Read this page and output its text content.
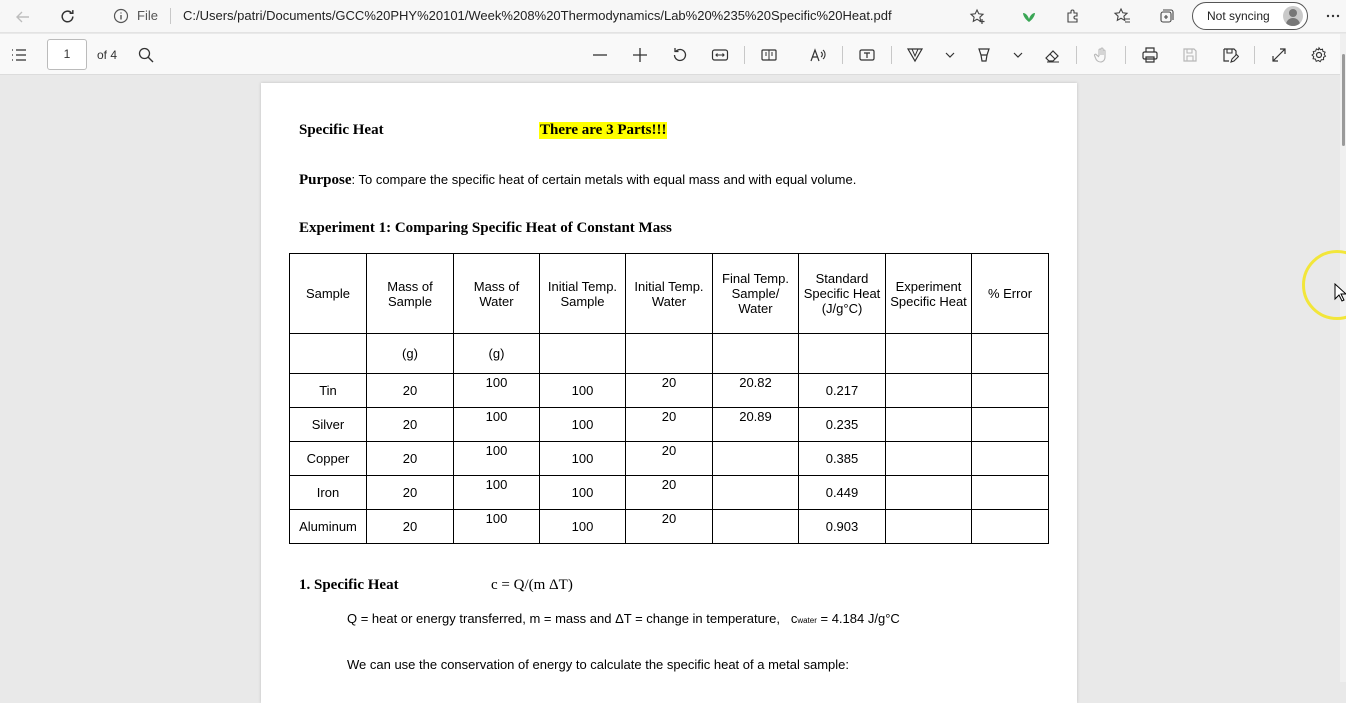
File C:/Users/patri/Documents/GCC%20PHY%20101/Week%208%20Thermodynamics/Lab%20%235%20Specific%20Heat.pdf	Not syncing
1	of 4
Specific Heat	There are 3 Parts!!!
Purpose: To compare the specific heat of certain metals with equal mass and with equal volume.
Experiment 1: Comparing Specific Heat of Constant Mass
Sample	Mass of Sample	Mass of Water	Initial Temp. Sample	Initial Temp. Water	Final Temp. Sample/ Water	Standard Specific Heat (J/g°C)	Experiment Specific Heat	% Error
	(g)	(g)						
Tin	20	100	100	20	20.82	0.217		
Silver	20	100	100	20	20.89	0.235		
Copper	20	100	100	20		0.385		
Iron	20	100	100	20		0.449		
Aluminum	20	100	100	20		0.903		
1. Specific Heat	c = Q/(m ΔT)
Q = heat or energy transferred, m = mass and ΔT = change in temperature, cwater = 4.184 J/g°C
We can use the conservation of energy to calculate the specific heat of a metal sample:
